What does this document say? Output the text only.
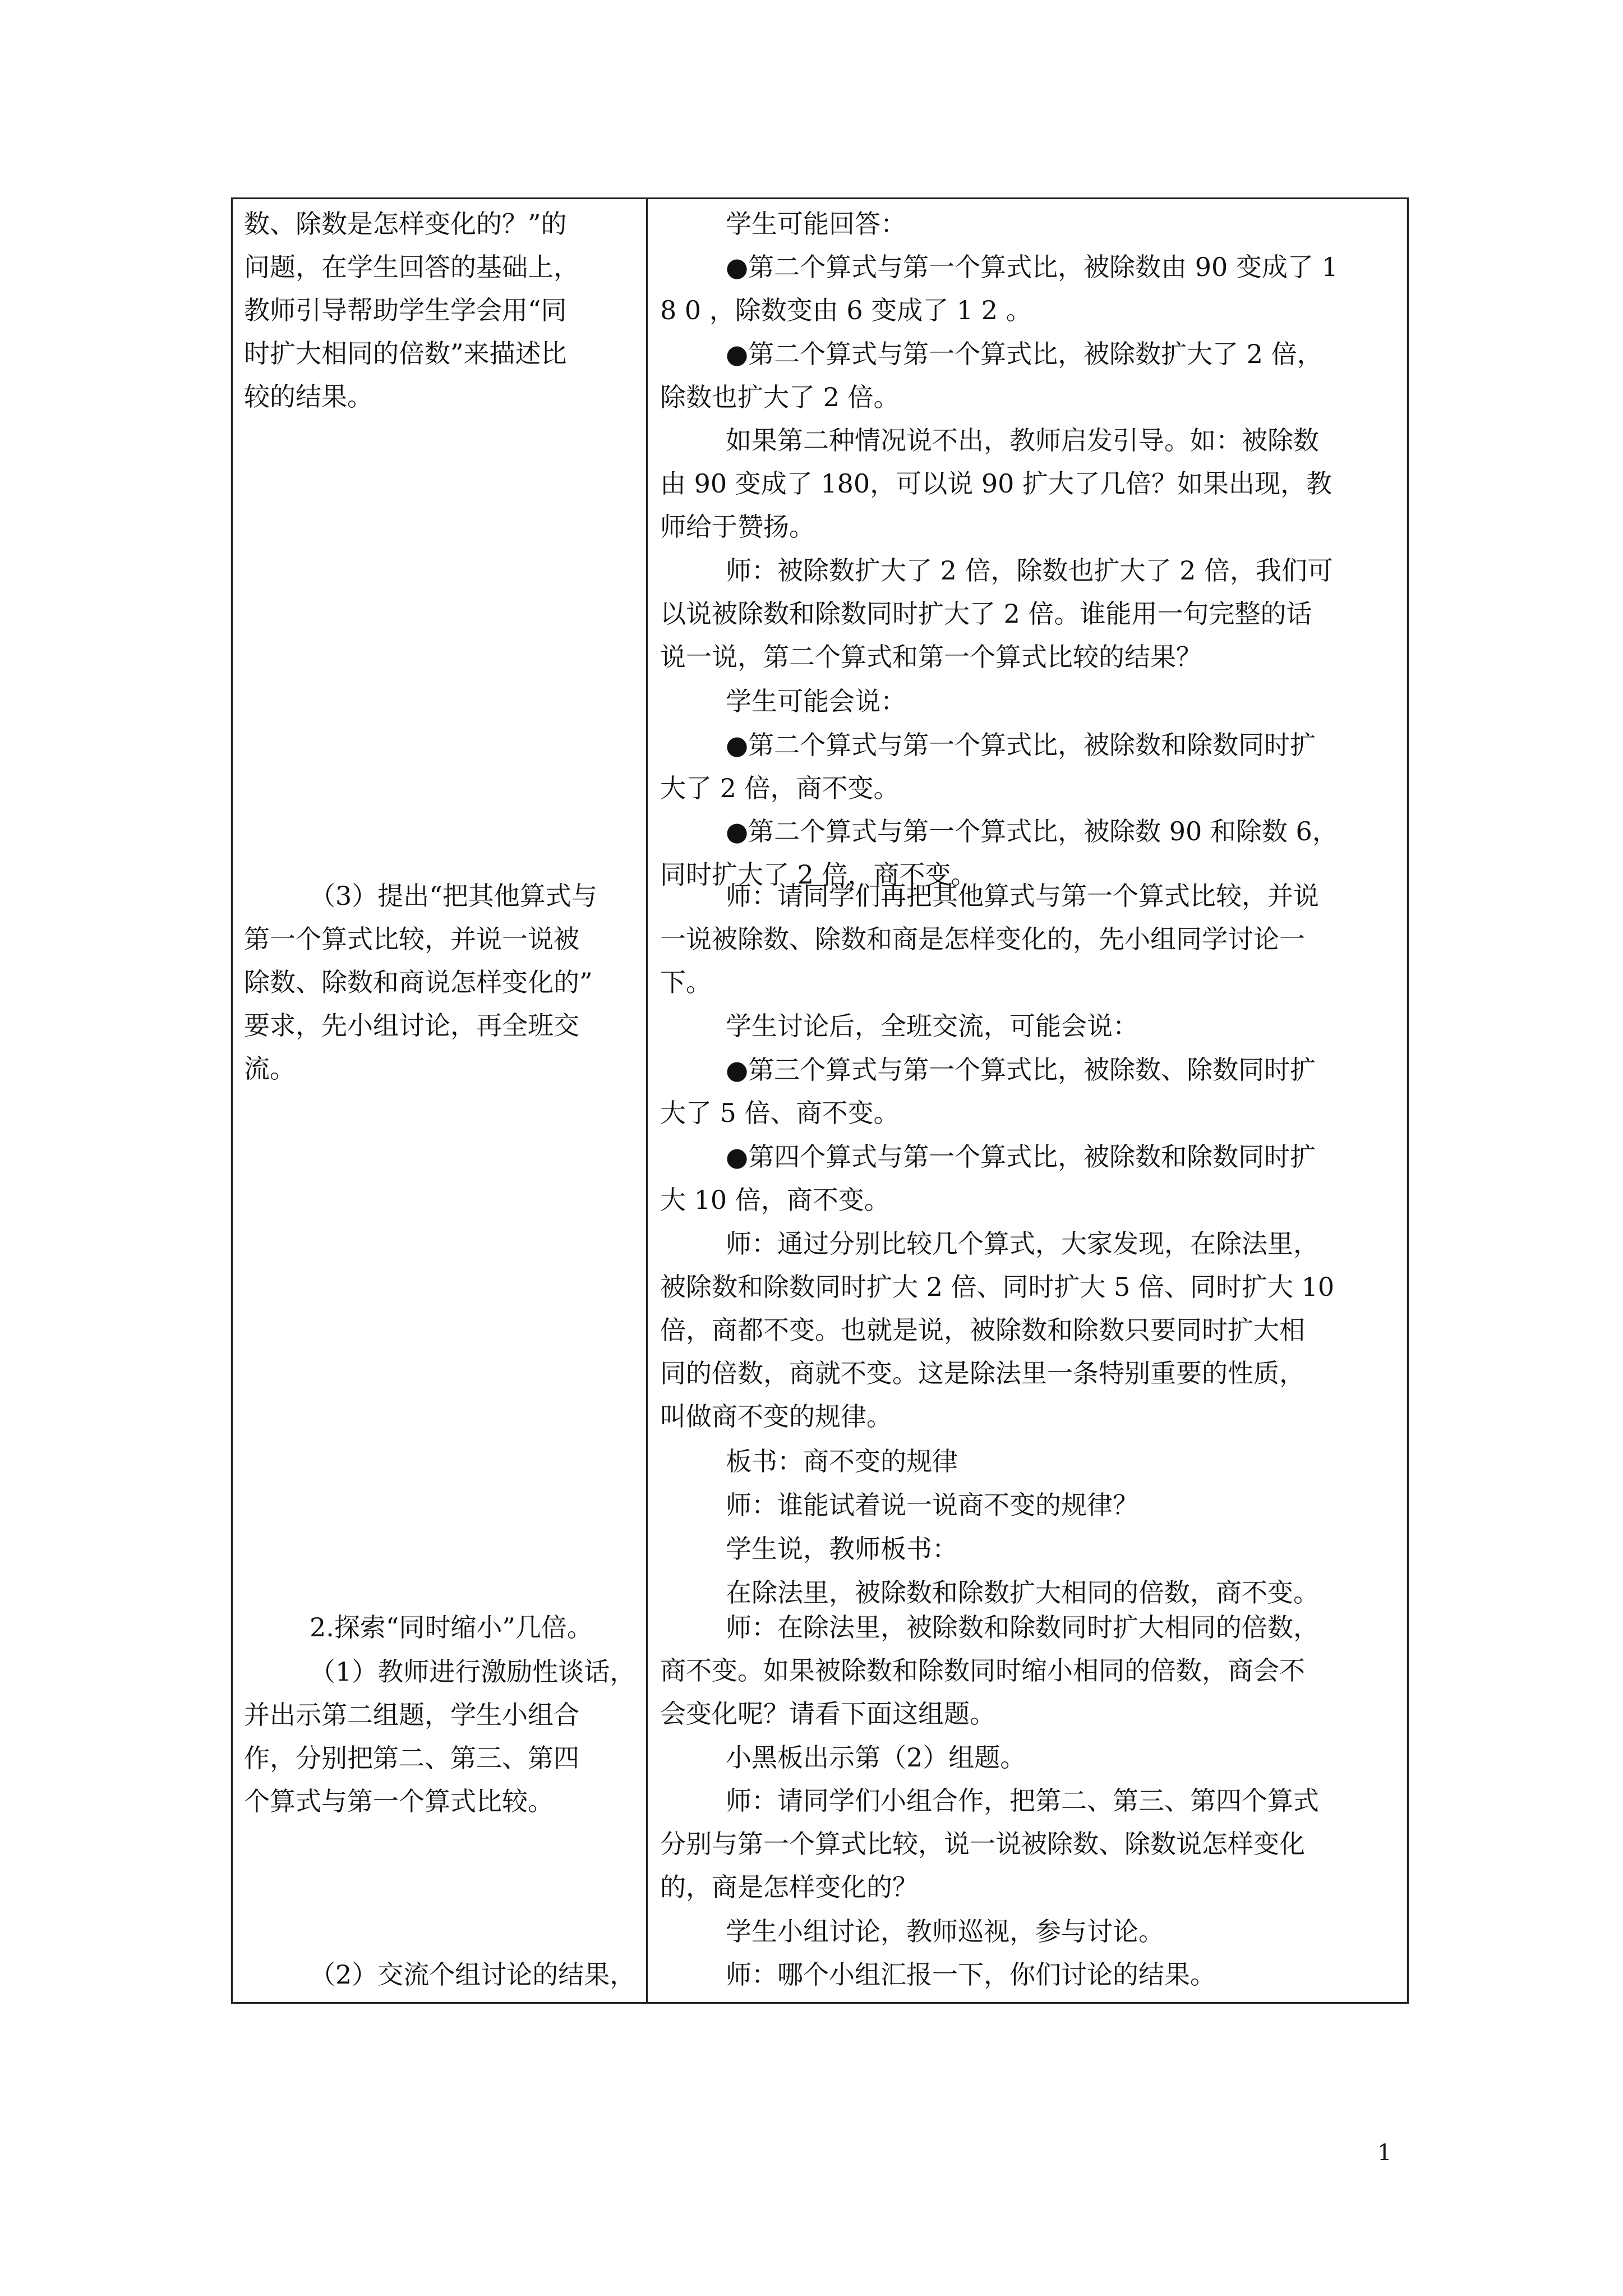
数、除数是怎样变化的？”的
问题，在学生回答的基础上，
教师引导帮助学生学会用“同
时扩大相同的倍数”来描述比
较的结果。

（3）提出“把其他算式与
第一个算式比较，并说一说被
除数、除数和商说怎样变化的”
要求，先小组讨论，再全班交
流。

2.探索“同时缩小”几倍。

（1）教师进行激励性谈话，
并出示第二组题，学生小组合
作，分别把第二、第三、第四
个算式与第一个算式比较。

（2）交流个组讨论的结果，

学生可能回答：

●第二个算式与第一个算式比，被除数由 90 变成了 1
8 0 ，除数变由 6 变成了 1 2 。

●第二个算式与第一个算式比，被除数扩大了 2 倍，
除数也扩大了 2 倍。

如果第二种情况说不出，教师启发引导。如：被除数
由 90 变成了 180，可以说 90 扩大了几倍？如果出现，教
师给于赞扬。

师：被除数扩大了 2 倍，除数也扩大了 2 倍，我们可
以说被除数和除数同时扩大了 2 倍。谁能用一句完整的话
说一说，第二个算式和第一个算式比较的结果？

学生可能会说：

●第二个算式与第一个算式比，被除数和除数同时扩
大了 2 倍，商不变。

●第二个算式与第一个算式比，被除数 90 和除数 6，
同时扩大了 2 倍，商不变。

师：请同学们再把其他算式与第一个算式比较，并说
一说被除数、除数和商是怎样变化的，先小组同学讨论一
下。

学生讨论后，全班交流，可能会说：

●第三个算式与第一个算式比，被除数、除数同时扩
大了 5 倍、商不变。

●第四个算式与第一个算式比，被除数和除数同时扩
大 10 倍，商不变。

师：通过分别比较几个算式，大家发现，在除法里，
被除数和除数同时扩大 2 倍、同时扩大 5 倍、同时扩大 10
倍，商都不变。也就是说，被除数和除数只要同时扩大相
同的倍数，商就不变。这是除法里一条特别重要的性质，
叫做商不变的规律。

板书：商不变的规律

师：谁能试着说一说商不变的规律？

学生说，教师板书：

在除法里，被除数和除数扩大相同的倍数，商不变。

师：在除法里，被除数和除数同时扩大相同的倍数，
商不变。如果被除数和除数同时缩小相同的倍数，商会不
会变化呢？请看下面这组题。

小黑板出示第（2）组题。

师：请同学们小组合作，把第二、第三、第四个算式
分别与第一个算式比较，说一说被除数、除数说怎样变化
的，商是怎样变化的？

学生小组讨论，教师巡视，参与讨论。

师：哪个小组汇报一下，你们讨论的结果。

1
